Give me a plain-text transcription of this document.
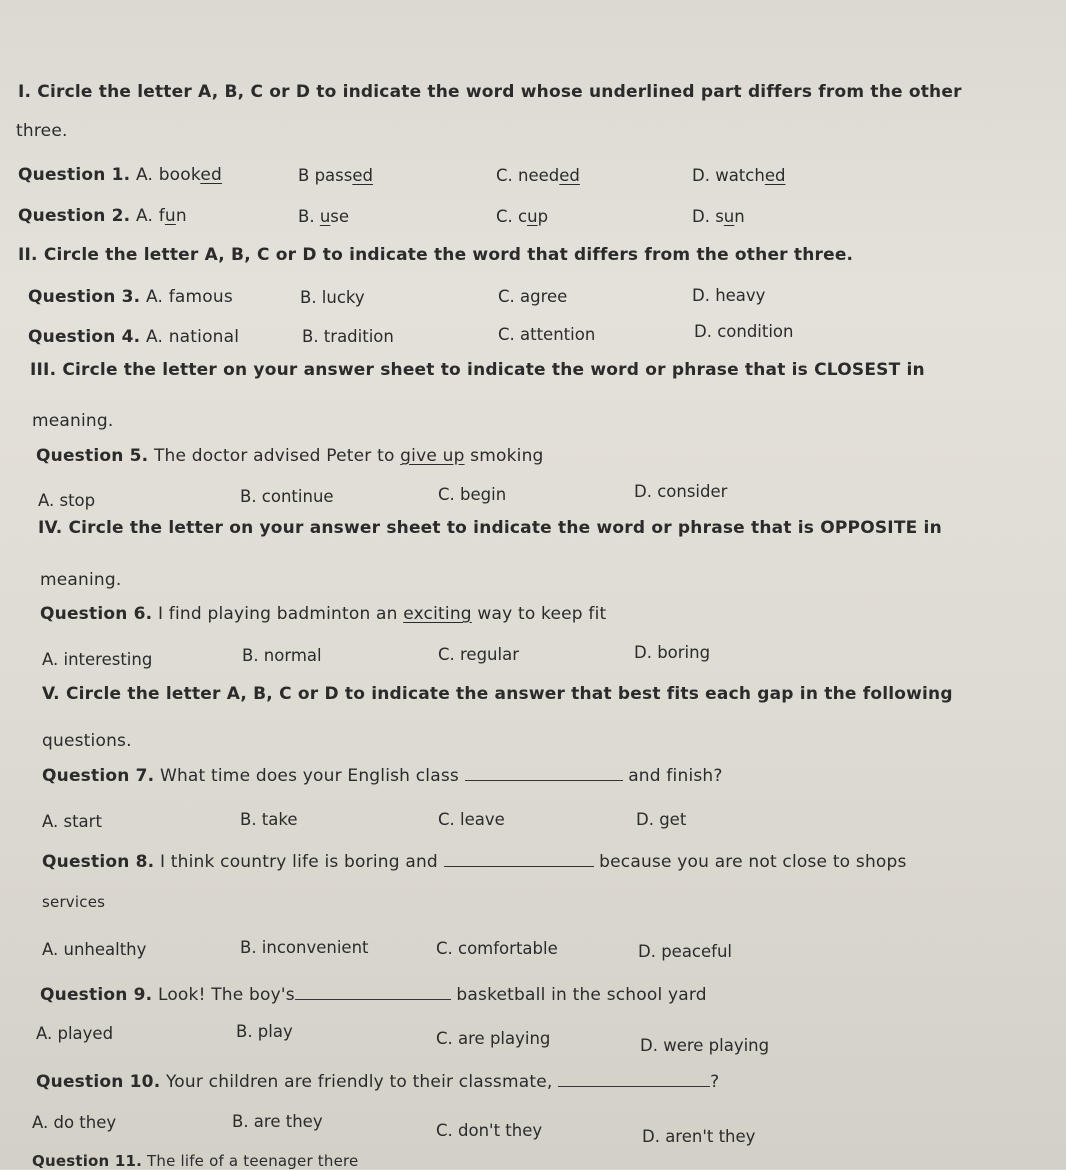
I. Circle the letter A, B, C or D to indicate the word whose underlined part differs from the other
three.
Question 1. A. booked	B passed	C. needed	D. watched
Question 2. A. fun	B. use	C. cup	D. sun
II. Circle the letter A, B, C or D to indicate the word that differs from the other three.
Question 3. A. famous	B. lucky	C. agree	D. heavy
Question 4. A. national	B. tradition	C. attention	D. condition
III. Circle the letter on your answer sheet to indicate the word or phrase that is CLOSEST in
meaning.
Question 5. The doctor advised Peter to give up smoking
A. stop	B. continue	C. begin	D. consider
IV. Circle the letter on your answer sheet to indicate the word or phrase that is OPPOSITE in
meaning.
Question 6. I find playing badminton an exciting way to keep fit
A. interesting	B. normal	C. regular	D. boring
V. Circle the letter A, B, C or D to indicate the answer that best fits each gap in the following
questions.
Question 7. What time does your English class	and finish?
A. start	B. take	C. leave	D. get
Question 8. I think country life is boring and	because you are not close to shops
services
A. unhealthy	B. inconvenient	C. comfortable	D. peaceful
Question 9. Look! The boy's	basketball in the school yard
A. played	B. play	C. are playing	D. were playing
Question 10. Your children are friendly to their classmate,	?
A. do they	B. are they	C. don't they	D. aren't they
Question 11. The life of a teenager there
